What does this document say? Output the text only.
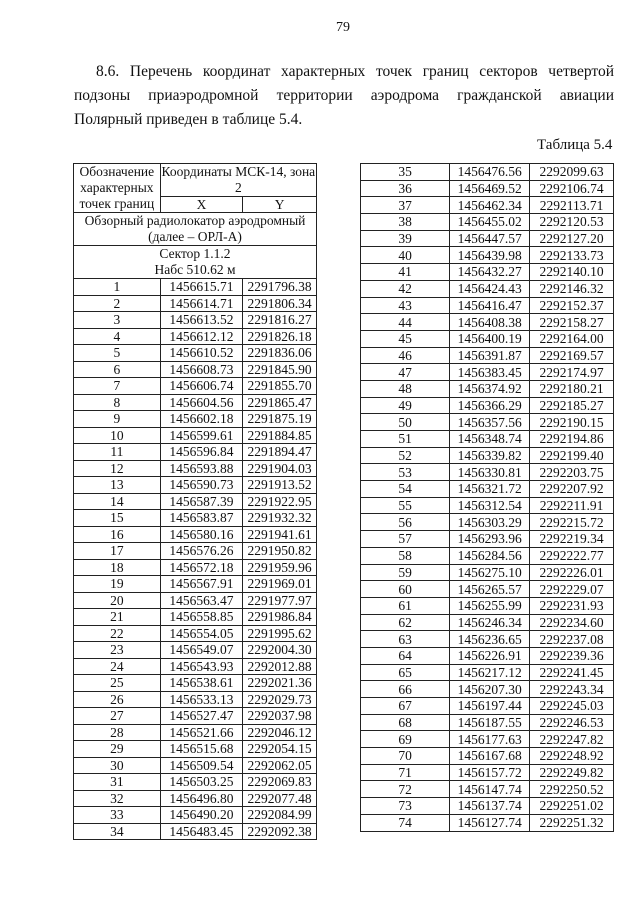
79
8.6. Перечень координат характерных точек границ секторов четвертой подзоны приаэродромной территории аэродрома гражданской авиации Полярный приведен в таблице 5.4.
Таблица 5.4
Обозначение характерных точек границ	Координаты МСК-14, зона 2	
	X	Y
Обзорный радиолокатор аэродромный (далее – ОРЛ-А)		
Сектор 1.1.2
Набс 510.62 м		
1	1456615.71	2291796.38
2	1456614.71	2291806.34
3	1456613.52	2291816.27
4	1456612.12	2291826.18
5	1456610.52	2291836.06
6	1456608.73	2291845.90
7	1456606.74	2291855.70
8	1456604.56	2291865.47
9	1456602.18	2291875.19
10	1456599.61	2291884.85
11	1456596.84	2291894.47
12	1456593.88	2291904.03
13	1456590.73	2291913.52
14	1456587.39	2291922.95
15	1456583.87	2291932.32
16	1456580.16	2291941.61
17	1456576.26	2291950.82
18	1456572.18	2291959.96
19	1456567.91	2291969.01
20	1456563.47	2291977.97
21	1456558.85	2291986.84
22	1456554.05	2291995.62
23	1456549.07	2292004.30
24	1456543.93	2292012.88
25	1456538.61	2292021.36
26	1456533.13	2292029.73
27	1456527.47	2292037.98
28	1456521.66	2292046.12
29	1456515.68	2292054.15
30	1456509.54	2292062.05
31	1456503.25	2292069.83
32	1456496.80	2292077.48
33	1456490.20	2292084.99
34	1456483.45	2292092.38
35	1456476.56	2292099.63
36	1456469.52	2292106.74
37	1456462.34	2292113.71
38	1456455.02	2292120.53
39	1456447.57	2292127.20
40	1456439.98	2292133.73
41	1456432.27	2292140.10
42	1456424.43	2292146.32
43	1456416.47	2292152.37
44	1456408.38	2292158.27
45	1456400.19	2292164.00
46	1456391.87	2292169.57
47	1456383.45	2292174.97
48	1456374.92	2292180.21
49	1456366.29	2292185.27
50	1456357.56	2292190.15
51	1456348.74	2292194.86
52	1456339.82	2292199.40
53	1456330.81	2292203.75
54	1456321.72	2292207.92
55	1456312.54	2292211.91
56	1456303.29	2292215.72
57	1456293.96	2292219.34
58	1456284.56	2292222.77
59	1456275.10	2292226.01
60	1456265.57	2292229.07
61	1456255.99	2292231.93
62	1456246.34	2292234.60
63	1456236.65	2292237.08
64	1456226.91	2292239.36
65	1456217.12	2292241.45
66	1456207.30	2292243.34
67	1456197.44	2292245.03
68	1456187.55	2292246.53
69	1456177.63	2292247.82
70	1456167.68	2292248.92
71	1456157.72	2292249.82
72	1456147.74	2292250.52
73	1456137.74	2292251.02
74	1456127.74	2292251.32
